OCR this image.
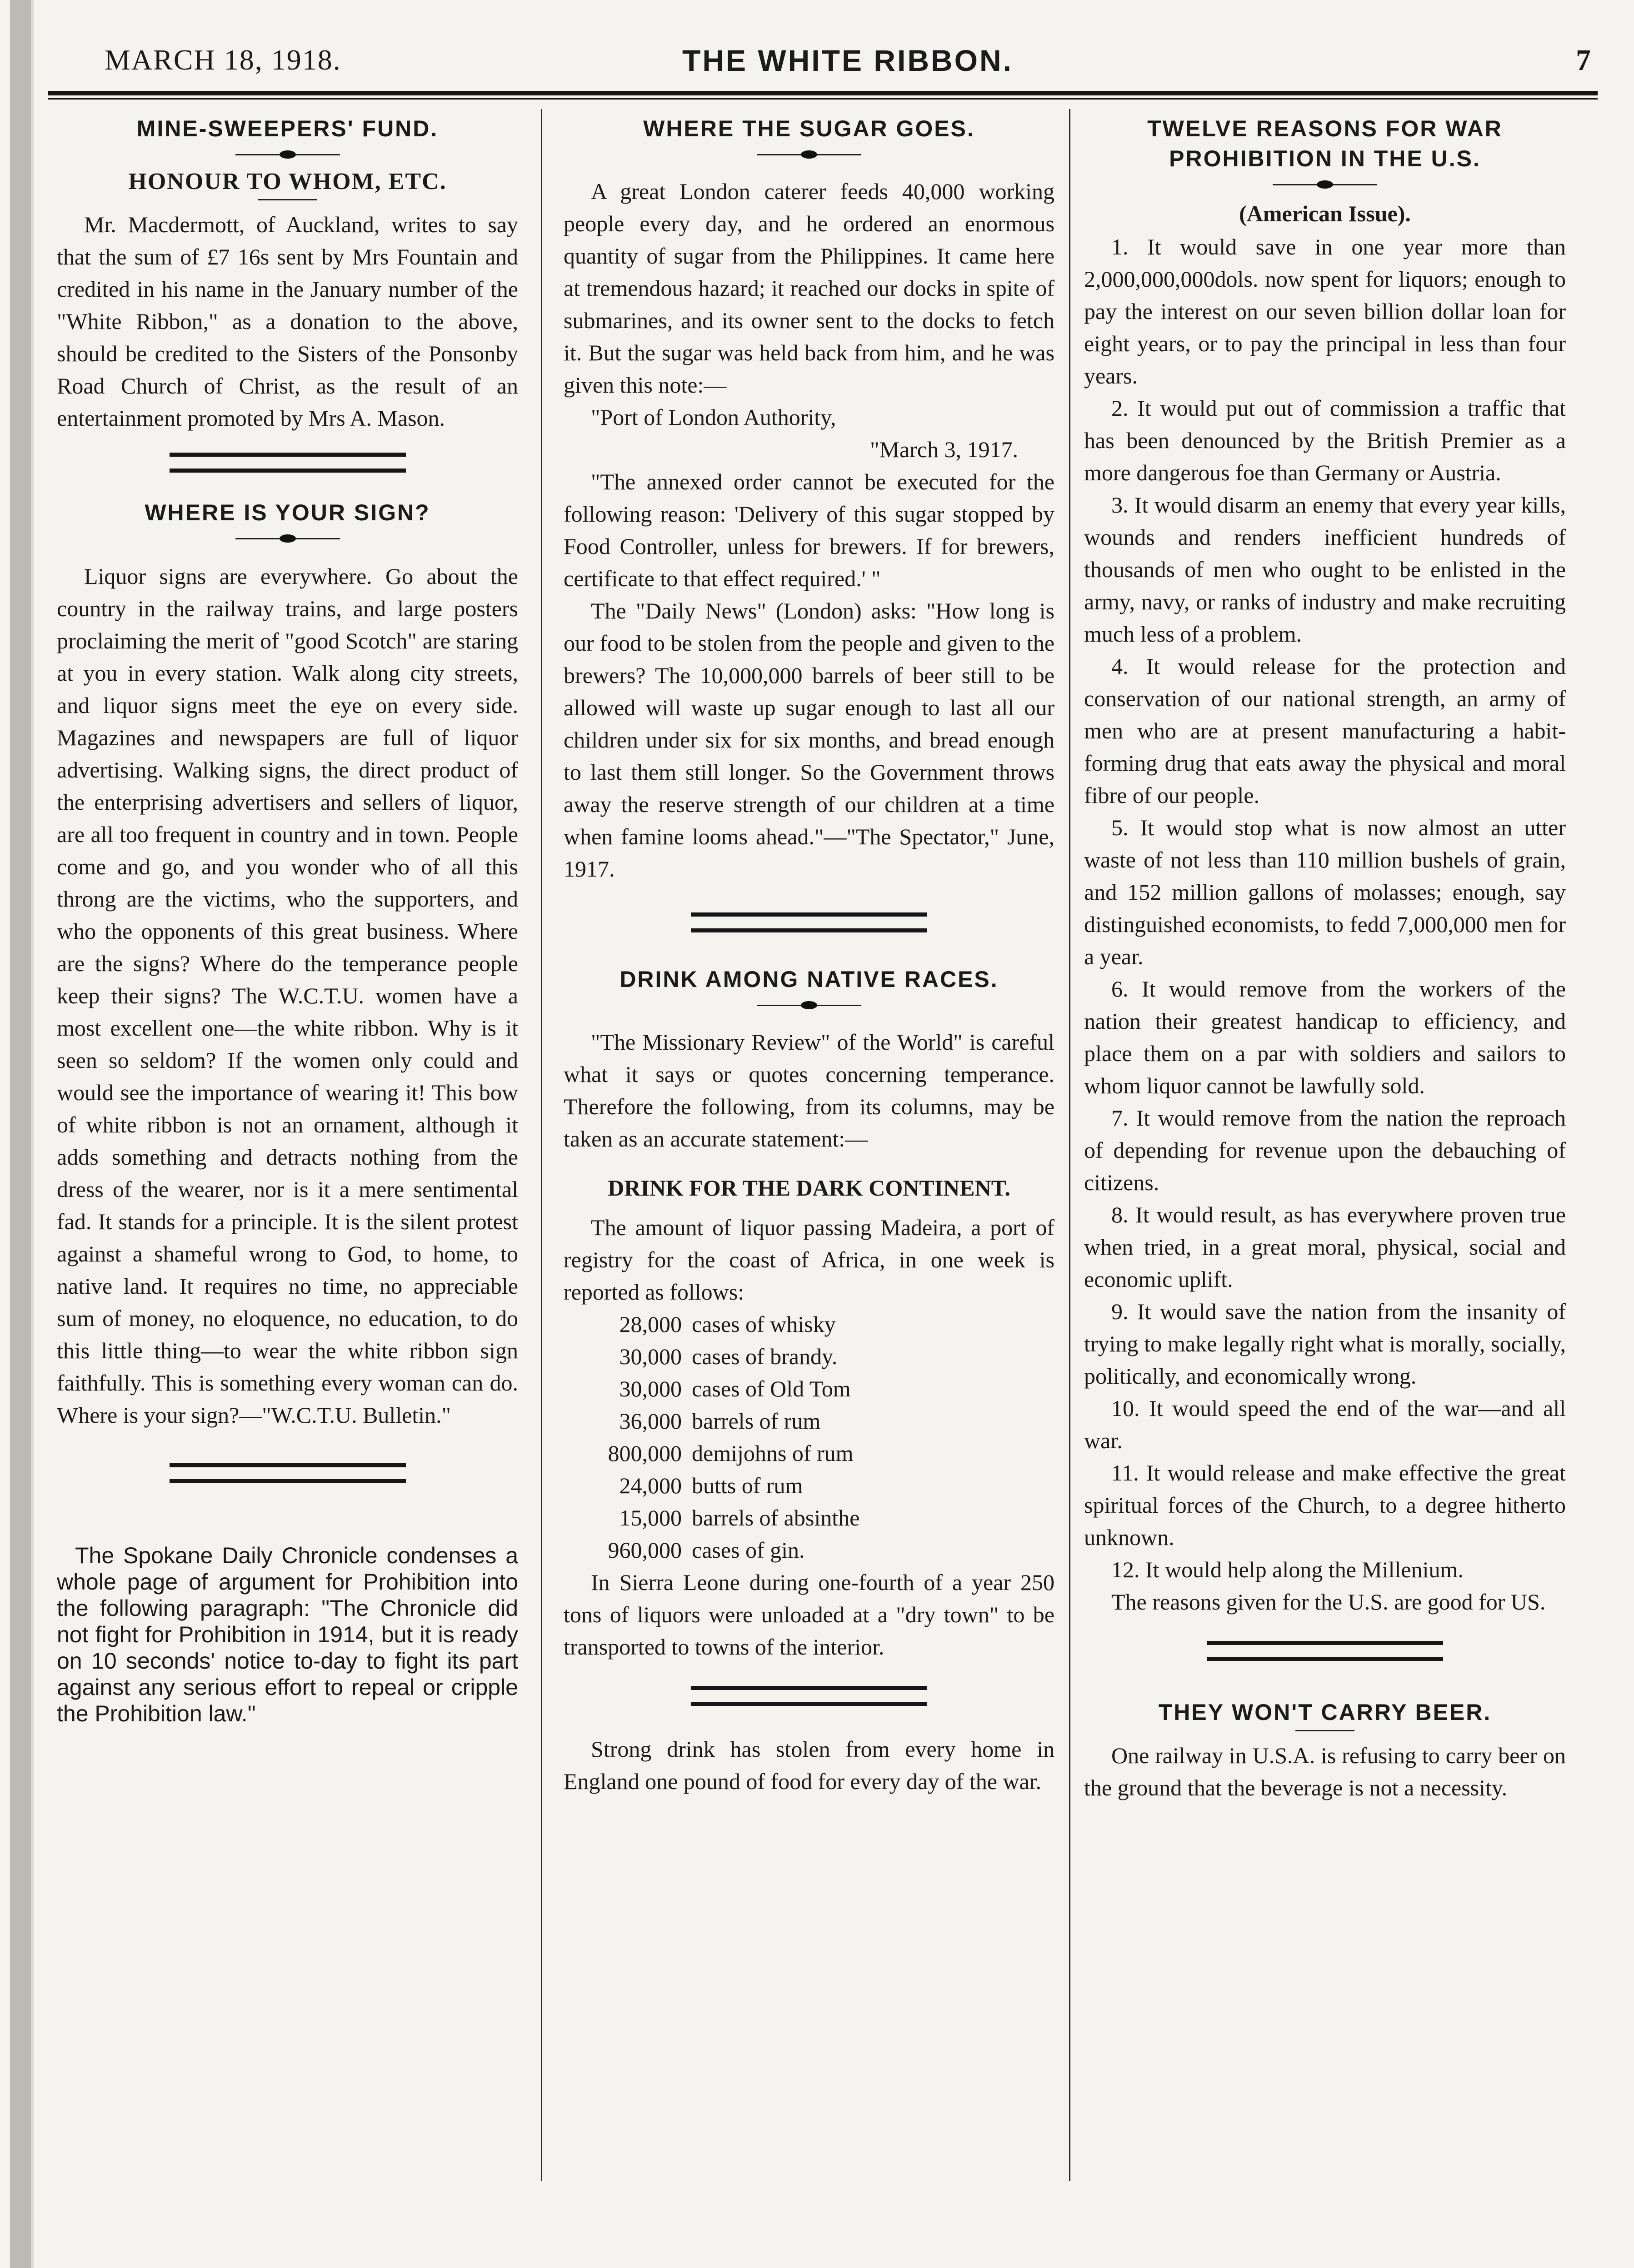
MARCH 18, 1918.	THE WHITE RIBBON.	7
MINE-SWEEPERS' FUND.
HONOUR TO WHOM, ETC.

Mr. Macdermott, of Auckland, writes to say that the sum of £7 16s sent by Mrs Fountain and credited in his name in the January number of the "White Ribbon," as a donation to the above, should be credited to the Sisters of the Ponsonby Road Church of Christ, as the result of an entertainment promoted by Mrs A. Mason.

WHERE IS YOUR SIGN?

Liquor signs are everywhere. Go about the country in the railway trains, and large posters proclaiming the merit of "good Scotch" are staring at you in every station. Walk along city streets, and liquor signs meet the eye on every side. Magazines and newspapers are full of liquor advertising. Walking signs, the direct product of the enterprising advertisers and sellers of liquor, are all too frequent in country and in town. People come and go, and you wonder who of all this throng are the victims, who the supporters, and who the opponents of this great business. Where are the signs? Where do the temperance people keep their signs? The W.C.T.U. women have a most excellent one—the white ribbon. Why is it seen so seldom? If the women only could and would see the importance of wearing it! This bow of white ribbon is not an ornament, although it adds something and detracts nothing from the dress of the wearer, nor is it a mere sentimental fad. It stands for a principle. It is the silent protest against a shameful wrong to God, to home, to native land. It requires no time, no appreciable sum of money, no eloquence, no education, to do this little thing—to wear the white ribbon sign faithfully. This is something every woman can do. Where is your sign?—"W.C.T.U. Bulletin."

The Spokane Daily Chronicle condenses a whole page of argument for Prohibition into the following paragraph: "The Chronicle did not fight for Prohibition in 1914, but it is ready on 10 seconds' notice to-day to fight its part against any serious effort to repeal or cripple the Prohibition law."

WHERE THE SUGAR GOES.

A great London caterer feeds 40,000 working people every day, and he ordered an enormous quantity of sugar from the Philippines. It came here at tremendous hazard; it reached our docks in spite of submarines, and its owner sent to the docks to fetch it. But the sugar was held back from him, and he was given this note:—

"Port of London Authority,

"March 3, 1917.

"The annexed order cannot be executed for the following reason: 'Delivery of this sugar stopped by Food Controller, unless for brewers. If for brewers, certificate to that effect required.' "

The "Daily News" (London) asks: "How long is our food to be stolen from the people and given to the brewers? The 10,000,000 barrels of beer still to be allowed will waste up sugar enough to last all our children under six for six months, and bread enough to last them still longer. So the Government throws away the reserve strength of our children at a time when famine looms ahead."—"The Spectator," June, 1917.

DRINK AMONG NATIVE RACES.

"The Missionary Review" of the World" is careful what it says or quotes concerning temperance. Therefore the following, from its columns, may be taken as an accurate statement:—

DRINK FOR THE DARK CONTINENT.

The amount of liquor passing Madeira, a port of registry for the coast of Africa, in one week is reported as follows:

28,000 cases of whisky
30,000 cases of brandy.
30,000 cases of Old Tom
36,000 barrels of rum
800,000 demijohns of rum
24,000 butts of rum
15,000 barrels of absinthe
960,000 cases of gin.

In Sierra Leone during one-fourth of a year 250 tons of liquors were unloaded at a "dry town" to be transported to towns of the interior.

Strong drink has stolen from every home in England one pound of food for every day of the war.

TWELVE REASONS FOR WAR PROHIBITION IN THE U.S.
(American Issue).

1. It would save in one year more than 2,000,000,000dols. now spent for liquors; enough to pay the interest on our seven billion dollar loan for eight years, or to pay the principal in less than four years.

2. It would put out of commission a traffic that has been denounced by the British Premier as a more dangerous foe than Germany or Austria.

3. It would disarm an enemy that every year kills, wounds and renders inefficient hundreds of thousands of men who ought to be enlisted in the army, navy, or ranks of industry and make recruiting much less of a problem.

4. It would release for the protection and conservation of our national strength, an army of men who are at present manufacturing a habit-forming drug that eats away the physical and moral fibre of our people.

5. It would stop what is now almost an utter waste of not less than 110 million bushels of grain, and 152 million gallons of molasses; enough, say distinguished economists, to fedd 7,000,000 men for a year.

6. It would remove from the workers of the nation their greatest handicap to efficiency, and place them on a par with soldiers and sailors to whom liquor cannot be lawfully sold.

7. It would remove from the nation the reproach of depending for revenue upon the debauching of citizens.

8. It would result, as has everywhere proven true when tried, in a great moral, physical, social and economic uplift.

9. It would save the nation from the insanity of trying to make legally right what is morally, socially, politically, and economically wrong.

10. It would speed the end of the war—and all war.

11. It would release and make effective the great spiritual forces of the Church, to a degree hitherto unknown.

12. It would help along the Millenium.

The reasons given for the U.S. are good for US.

THEY WON'T CARRY BEER.

One railway in U.S.A. is refusing to carry beer on the ground that the beverage is not a necessity.
